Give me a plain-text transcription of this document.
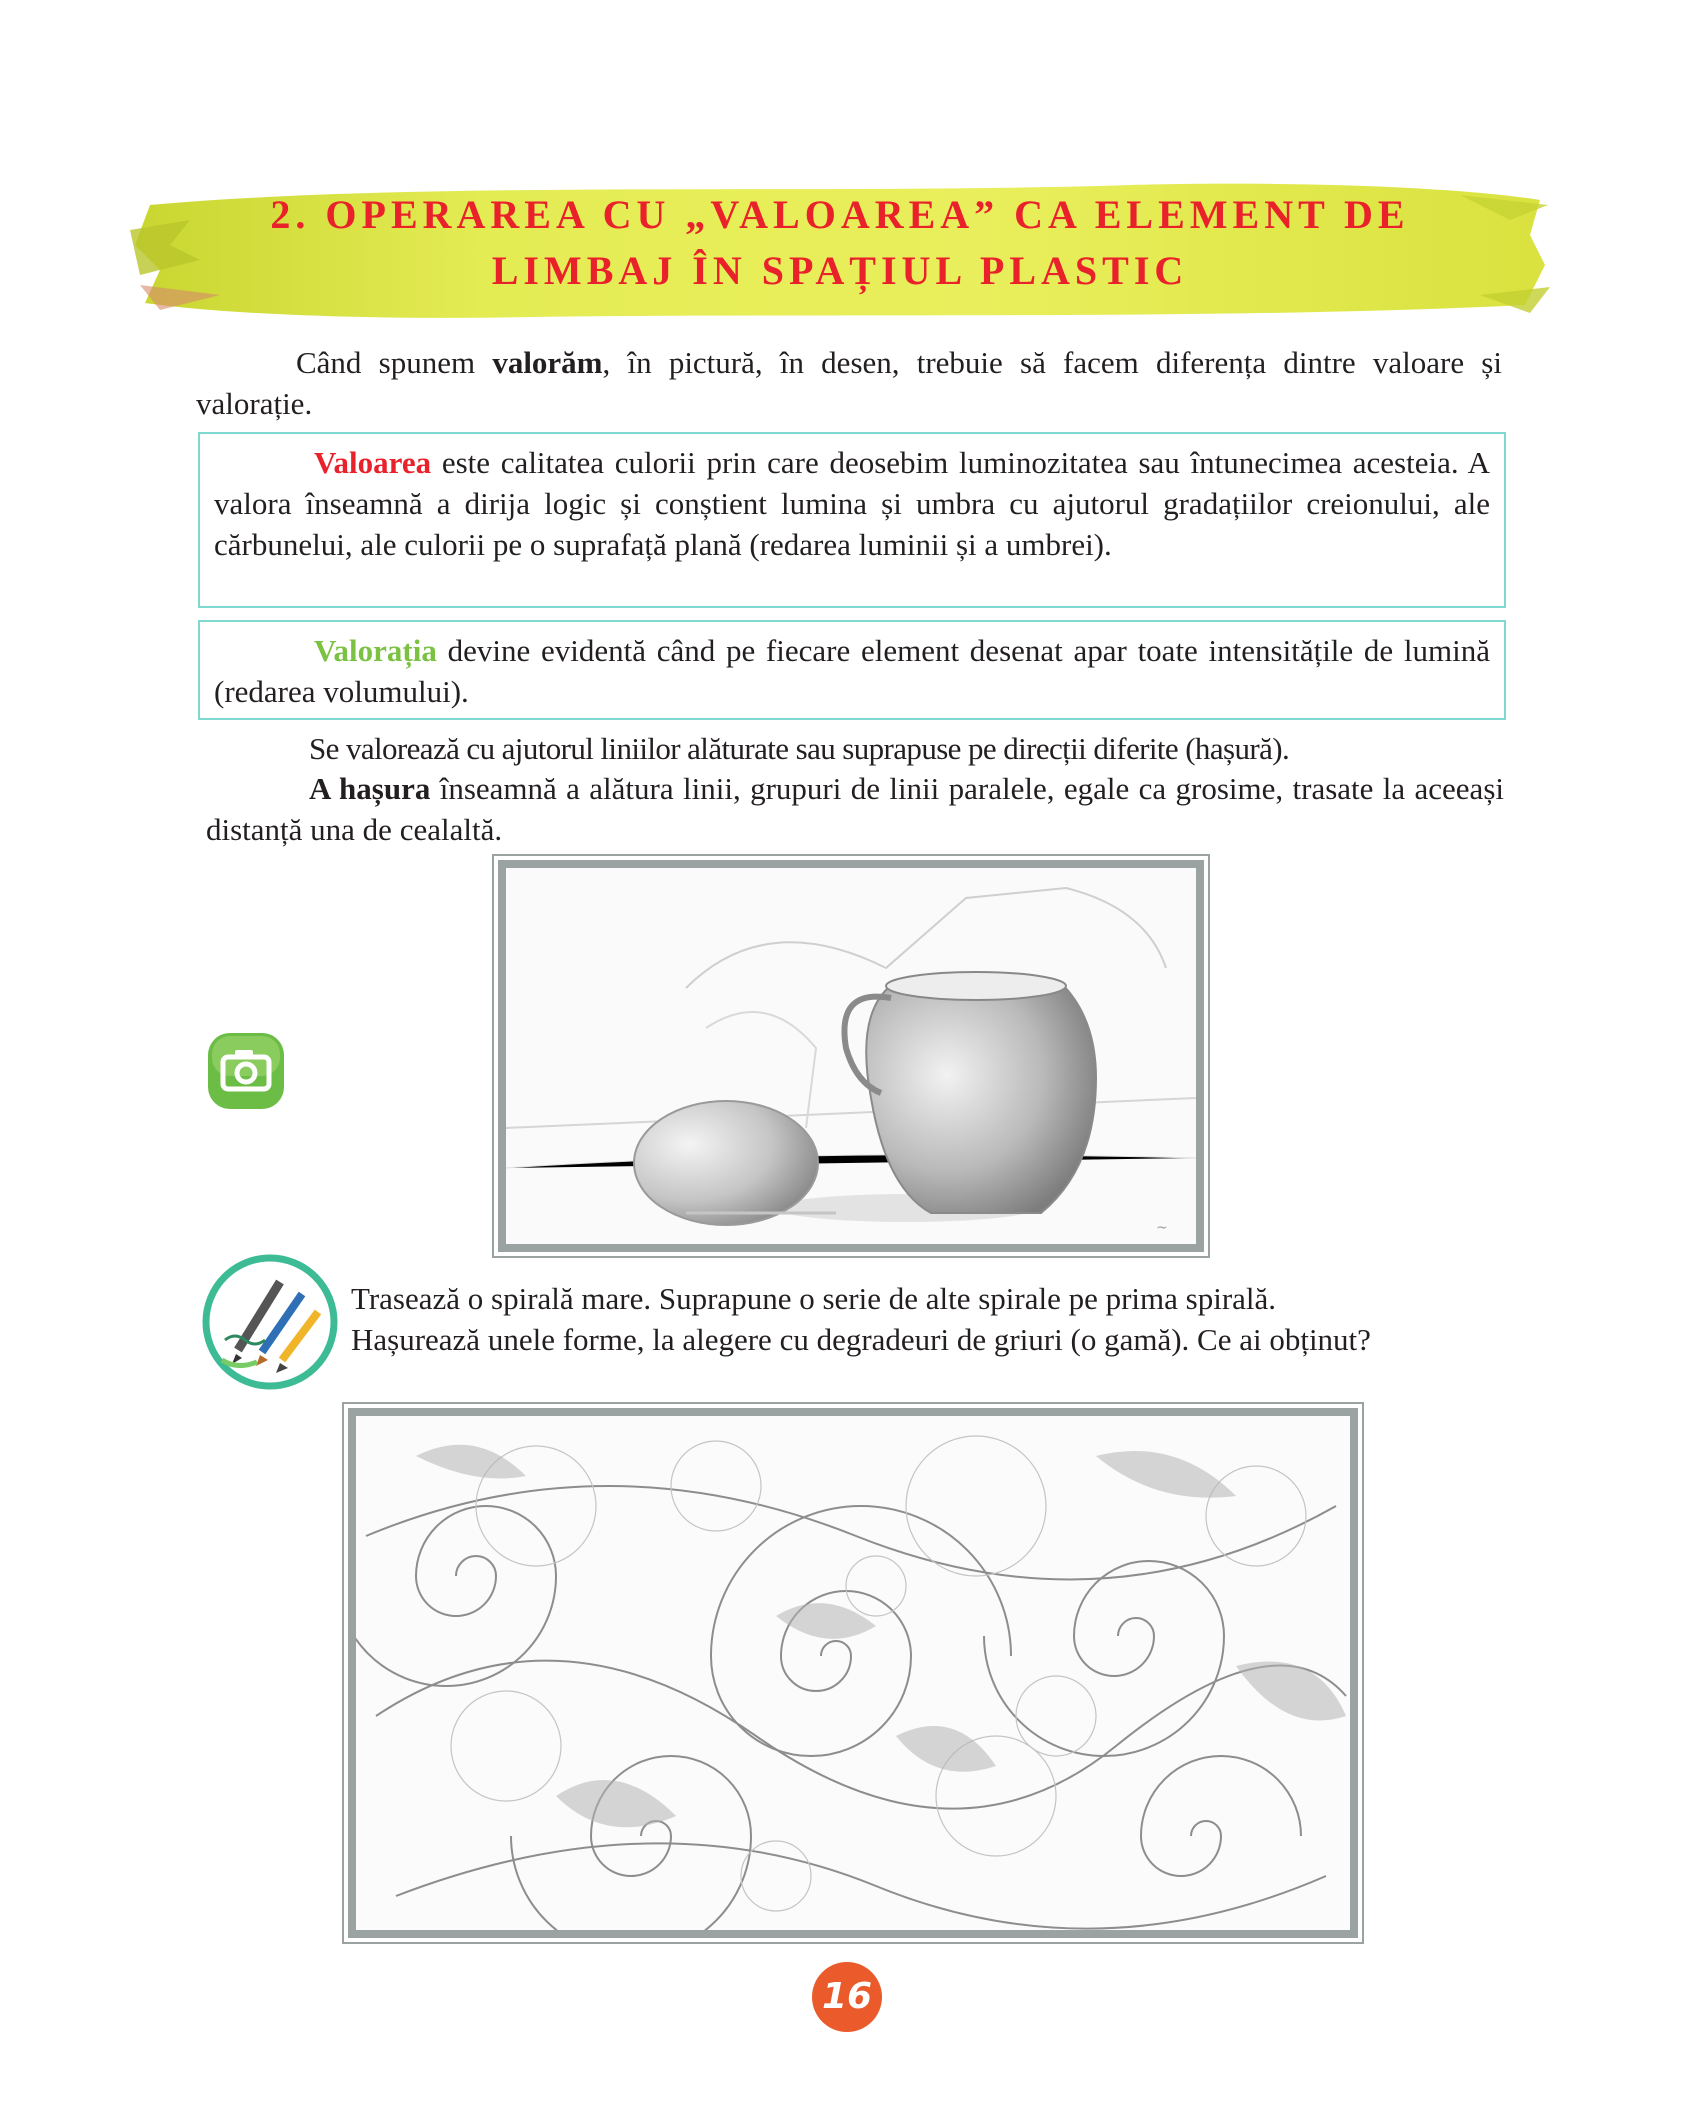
2. OPERAREA CU „VALOAREA” CA ELEMENT DE
LIMBAJ ÎN SPAȚIUL PLASTIC
Când spunem valorăm, în pictură, în desen, trebuie să facem diferența dintre valoare și valorație.
Valoarea este calitatea culorii prin care deosebim luminozitatea sau întunecimea acesteia. A valora înseamnă a dirija logic și conștient lumina și umbra cu ajutorul gradațiilor creionului, ale cărbunelui, ale culorii pe o suprafață plană (redarea luminii și a umbrei).
Valorația devine evidentă când pe fiecare element desenat apar toate intensitățile de lumină (redarea volumului).
Se valorează cu ajutorul liniilor alăturate sau suprapuse pe direcții diferite (hașură).
A hașura înseamnă a alătura linii, grupuri de linii paralele, egale ca grosime, trasate la aceeași distanță una de cealaltă.
~
Trasează o spirală mare. Suprapune o serie de alte spirale pe prima spirală.
Hașurează unele forme, la alegere cu degradeuri de griuri (o gamă). Ce ai obținut?
16
